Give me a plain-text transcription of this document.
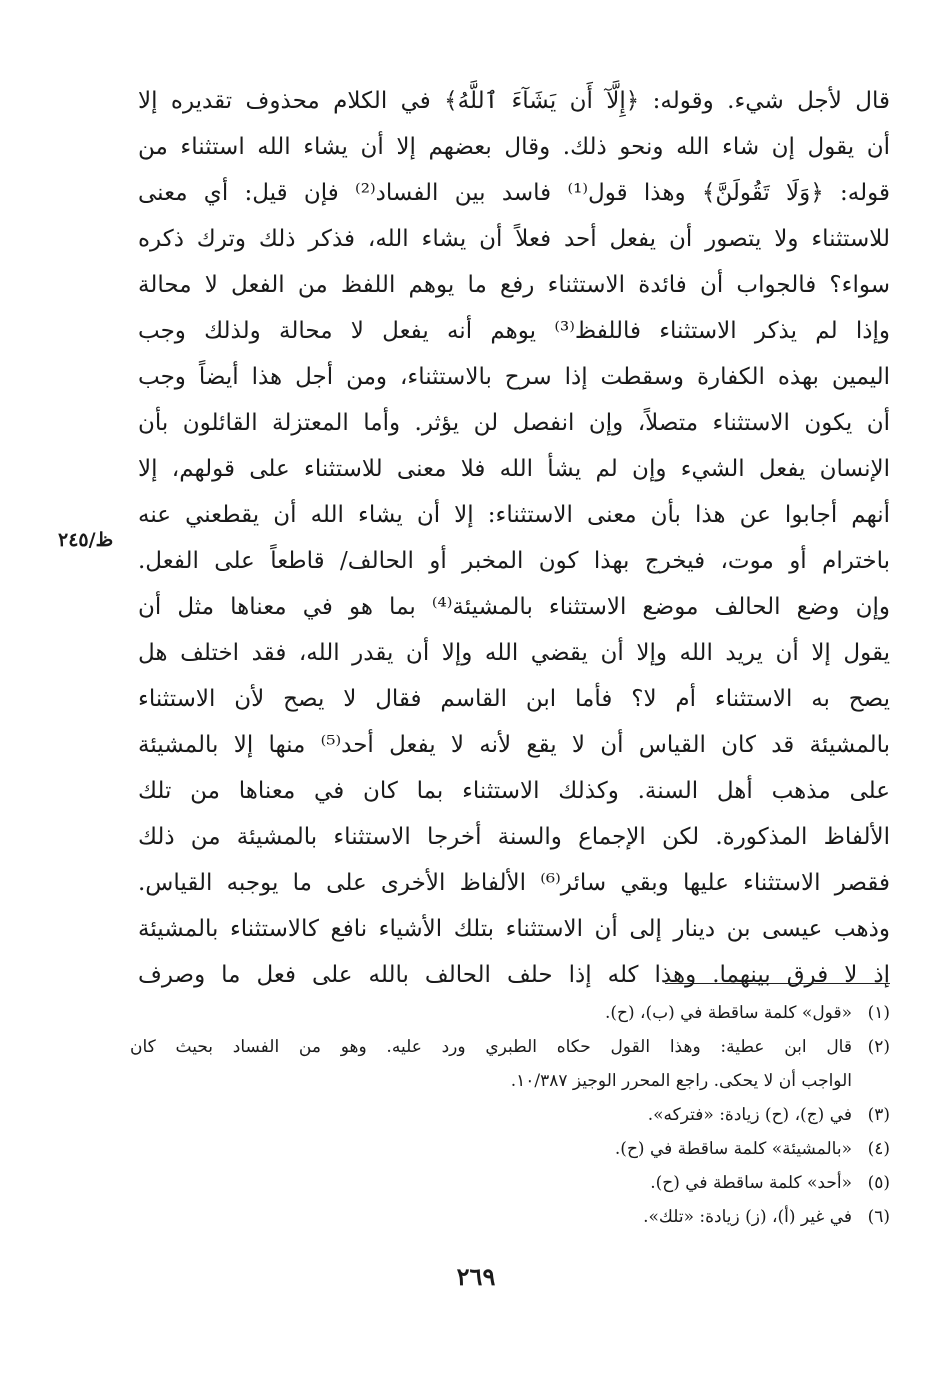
قال لأجل شيء. وقوله: ﴿إِلَّآ أَن يَشَآءَ ٱللَّهُ﴾ في الكلام محذوف تقديره إلا
أن يقول إن شاء الله ونحو ذلك. وقال بعضهم إلا أن يشاء الله استثناء من
قوله: ﴿وَلَا تَقُولَنَّ﴾ وهذا قول⁽¹⁾ فاسد بين الفساد⁽²⁾ فإن قيل: أي معنى
للاستثناء ولا يتصور أن يفعل أحد فعلاً أن يشاء الله، فذكر ذلك وترك ذكره
سواء؟ فالجواب أن فائدة الاستثناء رفع ما يوهم اللفظ من الفعل لا محالة
وإذا لم يذكر الاستثناء فاللفظ⁽³⁾ يوهم أنه يفعل لا محالة ولذلك وجب
اليمين بهذه الكفارة وسقطت إذا سرح بالاستثناء، ومن أجل هذا أيضاً وجب
أن يكون الاستثناء متصلاً، وإن انفصل لن يؤثر. وأما المعتزلة القائلون بأن
الإنسان يفعل الشيء وإن لم يشأ الله فلا معنى للاستثناء على قولهم، إلا
أنهم أجابوا عن هذا بأن معنى الاستثناء: إلا أن يشاء الله أن يقطعني عنه
باخترام أو موت، فيخرج بهذا كون المخبر أو الحالف/ قاطعاً على الفعل.
وإن وضع الحالف موضع الاستثناء بالمشيئة⁽⁴⁾ بما هو في معناها مثل أن
يقول إلا أن يريد الله وإلا أن يقضي الله وإلا أن يقدر الله، فقد اختلف هل
يصح به الاستثناء أم لا؟ فأما ابن القاسم فقال لا يصح لأن الاستثناء
بالمشيئة قد كان القياس أن لا يقع لأنه لا يفعل أحد⁽⁵⁾ منها إلا بالمشيئة
على مذهب أهل السنة. وكذلك الاستثناء بما كان في معناها من تلك
الألفاظ المذكورة. لكن الإجماع والسنة أخرجا الاستثناء بالمشيئة من ذلك
فقصر الاستثناء عليها وبقي سائر⁽⁶⁾ الألفاظ الأخرى على ما يوجبه القياس.
وذهب عيسى بن دينار إلى أن الاستثناء بتلك الأشياء نافع كالاستثناء بالمشيئة
إذ لا فرق بينهما. وهذا كله إذا حلف الحالف بالله على فعل ما وصرف
ظ/٢٤٥
(١)
«قول» كلمة ساقطة في (ب)، (ح).
(٢)
قال ابن عطية: وهذا القول حكاه الطبري ورد عليه. وهو من الفساد بحيث كان
الواجب أن لا يحكى. راجع المحرر الوجيز ١٠/٣٨٧.
(٣)
في (ج)، (ح) زيادة: «فتركه».
(٤)
«بالمشيئة» كلمة ساقطة في (ح).
(٥)
«أحد» كلمة ساقطة في (ح).
(٦)
في غير (أ)، (ز) زيادة: «تلك».
٢٦٩
